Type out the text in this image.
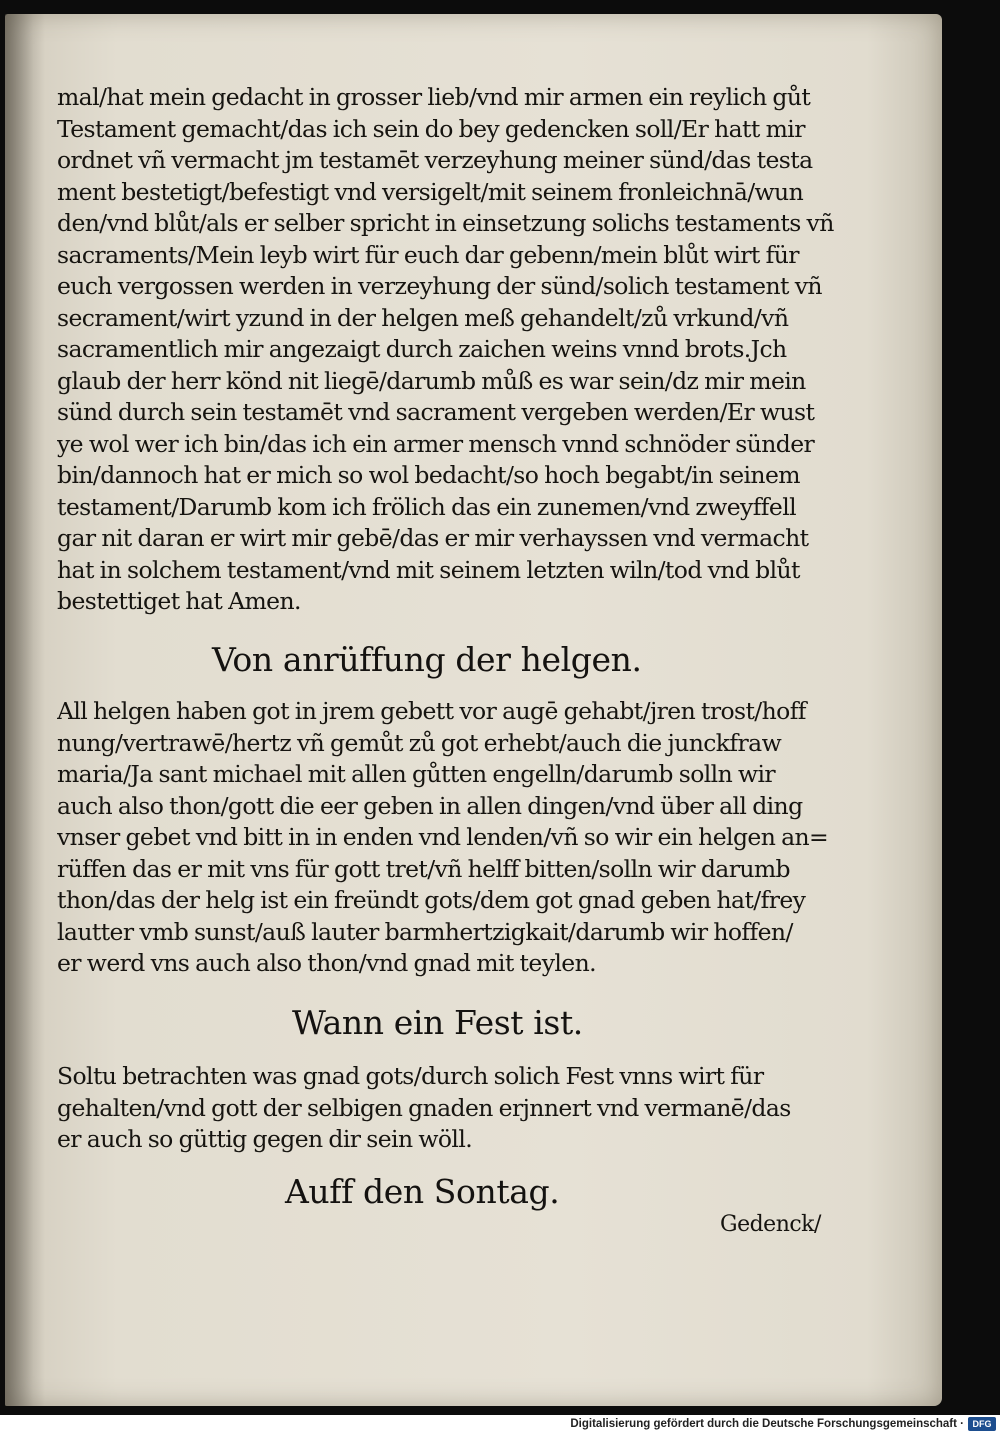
mal/hat mein gedacht in grosser lieb/vnd mir armen ein reylich gůt
Testament gemacht/das ich sein do bey gedencken soll/Er hatt mir
ordnet vñ vermacht jm testamēt verzeyhung meiner sünd/das testa
ment bestetigt/befestigt vnd versigelt/mit seinem fronleichnā/wun
den/vnd blůt/als er selber spricht in einsetzung solichs testaments vñ
sacraments/Mein leyb wirt für euch dar gebenn/mein blůt wirt für
euch vergossen werden in verzeyhung der sünd/solich testament vñ
secrament/wirt yzund in der helgen meß gehandelt/zů vrkund/vñ
sacramentlich mir angezaigt durch zaichen weins vnnd brots.Jch
glaub der herr könd nit liegē/darumb můß es war sein/dz mir mein
sünd durch sein testamēt vnd sacrament vergeben werden/Er wust
ye wol wer ich bin/das ich ein armer mensch vnnd schnöder sünder
bin/dannoch hat er mich so wol bedacht/so hoch begabt/in seinem
testament/Darumb kom ich frölich das ein zunemen/vnd zweyffell
gar nit daran er wirt mir gebē/das er mir verhayssen vnd vermacht
hat in solchem testament/vnd mit seinem letzten wiln/tod vnd blůt
bestettiget hat Amen.
Von anrüffung der helgen.
All helgen haben got in jrem gebett vor augē gehabt/jren trost/hoff
nung/vertrawē/hertz vñ gemůt zů got erhebt/auch die junckfraw
maria/Ja sant michael mit allen gůtten engelln/darumb solln wir
auch also thon/gott die eer geben in allen dingen/vnd über all ding
vnser gebet vnd bitt in in enden vnd lenden/vñ so wir ein helgen an=
rüffen das er mit vns für gott tret/vñ helff bitten/solln wir darumb
thon/das der helg ist ein freündt gots/dem got gnad geben hat/frey
lautter vmb sunst/auß lauter barmhertzigkait/darumb wir hoffen/
er werd vns auch also thon/vnd gnad mit teylen.
Wann ein Fest ist.
Soltu betrachten was gnad gots/durch solich Fest vnns wirt für
gehalten/vnd gott der selbigen gnaden erjnnert vnd vermanē/das
er auch so güttig gegen dir sein wöll.
Auff den Sontag.
Gedenck/
Digitalisierung gefördert durch die Deutsche Forschungsgemeinschaft · DFG
